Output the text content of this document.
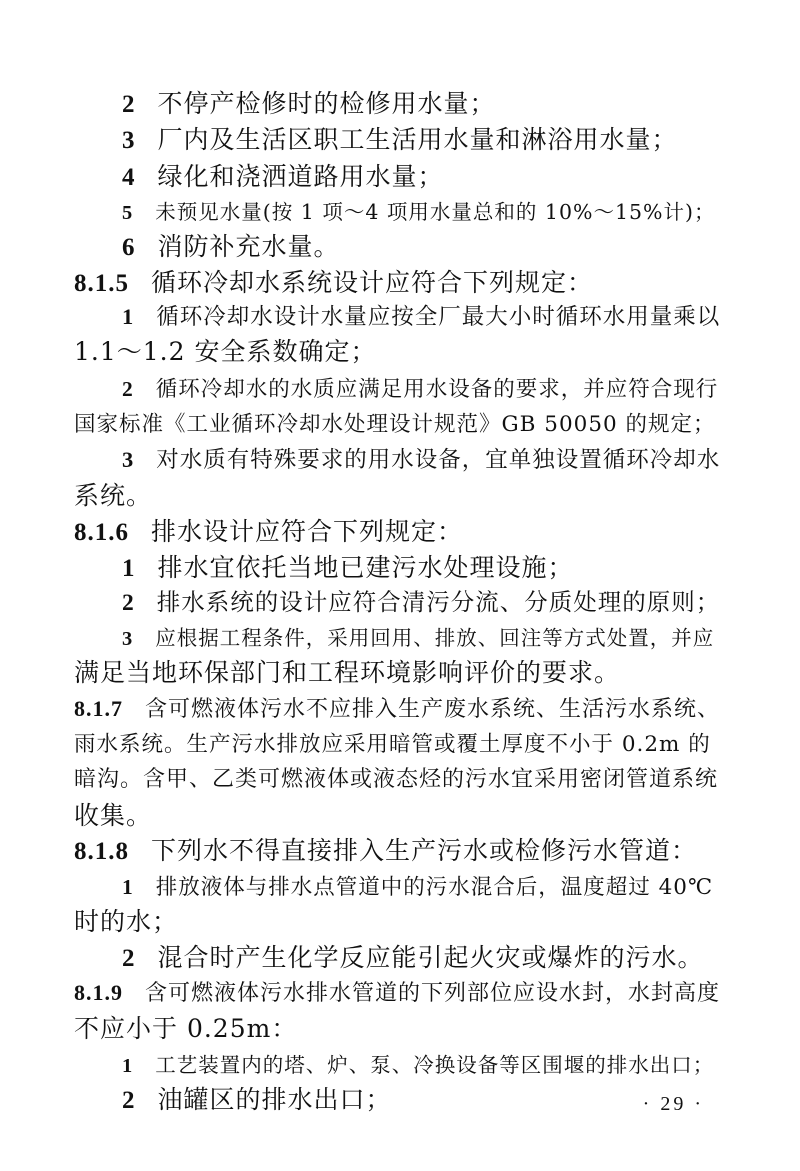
2 不停产检修时的检修用水量；
3 厂内及生活区职工生活用水量和淋浴用水量；
4 绿化和浇洒道路用水量；
5 未预见水量(按 1 项～4 项用水量总和的 10%～15%计)；
6 消防补充水量。
8.1.5 循环冷却水系统设计应符合下列规定：
1 循环冷却水设计水量应按全厂最大小时循环水用量乘以
1.1～1.2 安全系数确定；
2 循环冷却水的水质应满足用水设备的要求，并应符合现行
国家标准《工业循环冷却水处理设计规范》GB 50050 的规定；
3 对水质有特殊要求的用水设备，宜单独设置循环冷却水
系统。
8.1.6 排水设计应符合下列规定：
1 排水宜依托当地已建污水处理设施；
2 排水系统的设计应符合清污分流、分质处理的原则；
3 应根据工程条件，采用回用、排放、回注等方式处置，并应
满足当地环保部门和工程环境影响评价的要求。
8.1.7 含可燃液体污水不应排入生产废水系统、生活污水系统、
雨水系统。生产污水排放应采用暗管或覆土厚度不小于 0.2m 的
暗沟。含甲、乙类可燃液体或液态烃的污水宜采用密闭管道系统
收集。
8.1.8 下列水不得直接排入生产污水或检修污水管道：
1 排放液体与排水点管道中的污水混合后，温度超过 40℃
时的水；
2 混合时产生化学反应能引起火灾或爆炸的污水。
8.1.9 含可燃液体污水排水管道的下列部位应设水封，水封高度
不应小于 0.25m：
1 工艺装置内的塔、炉、泵、冷换设备等区围堰的排水出口；
2 油罐区的排水出口；	· 29 ·
